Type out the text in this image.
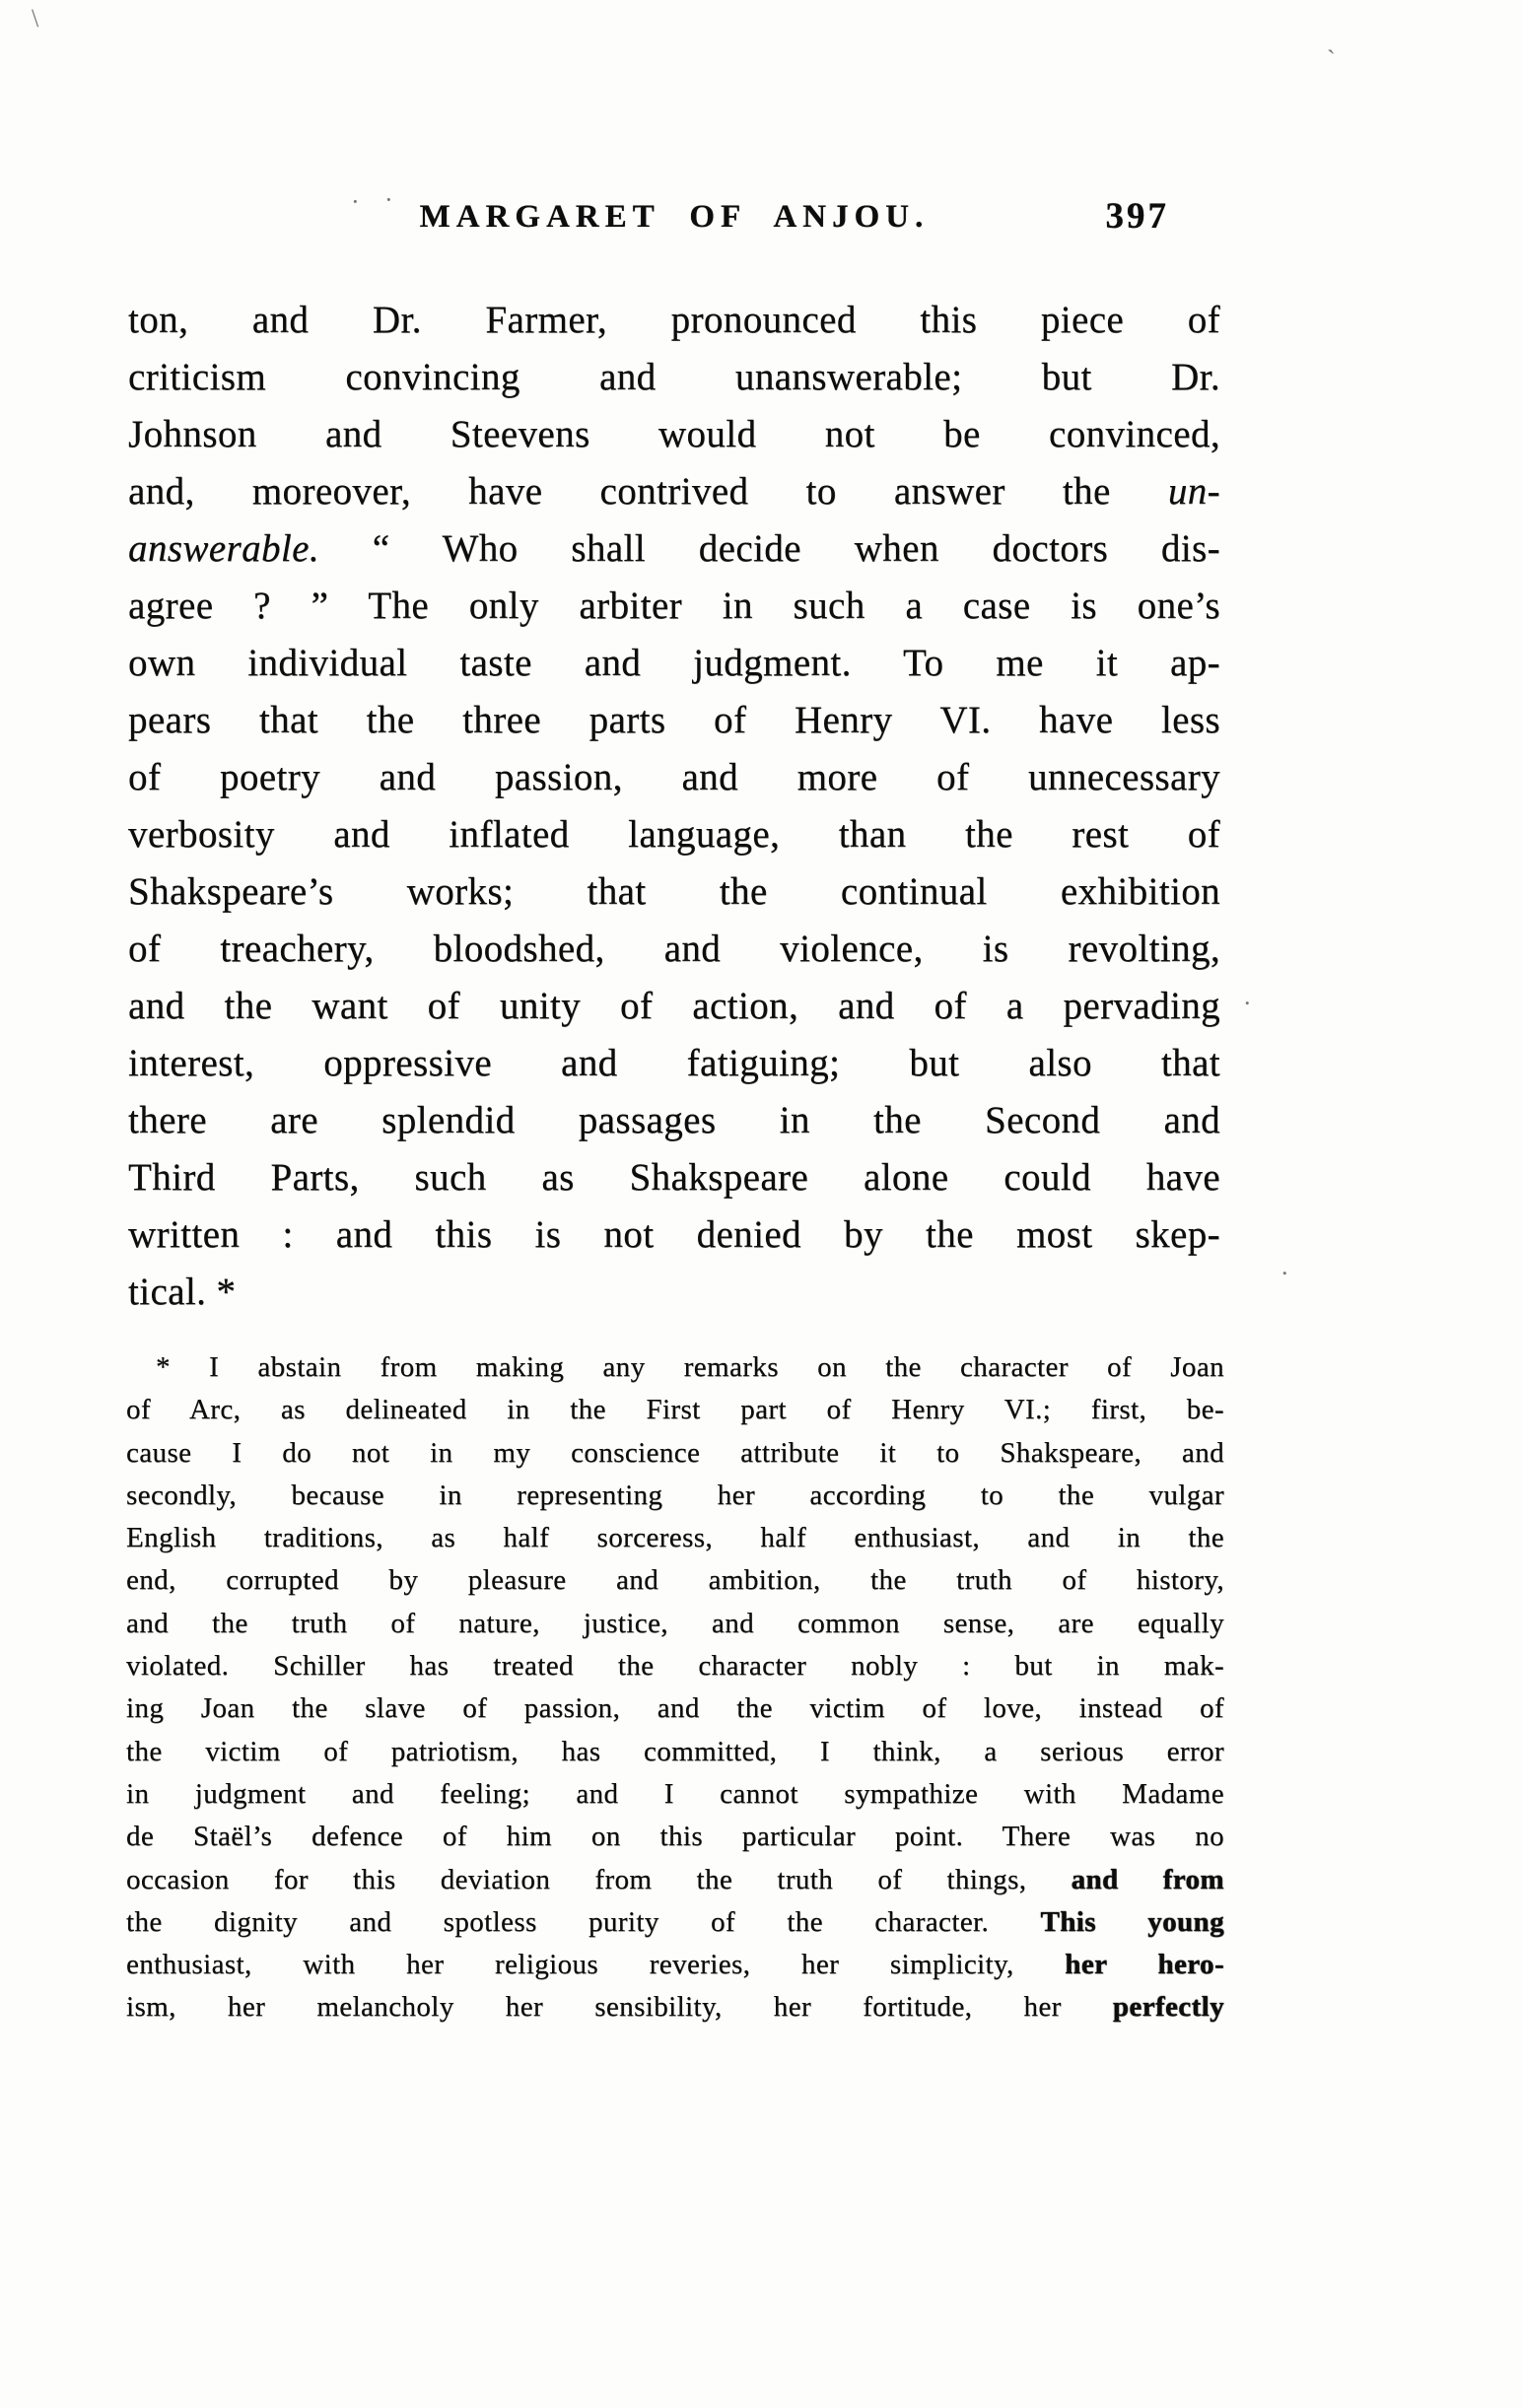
MARGARET OF ANJOU.	397
ton, and Dr. Farmer, pronounced this piece of
criticism convincing and unanswerable; but Dr.
Johnson and Steevens would not be convinced,
and, moreover, have contrived to answer the un-
answerable. “ Who shall decide when doctors dis-
agree ? ” The only arbiter in such a case is one’s
own individual taste and judgment. To me it ap-
pears that the three parts of Henry VI. have less
of poetry and passion, and more of unnecessary
verbosity and inflated language, than the rest of
Shakspeare’s works; that the continual exhibition
of treachery, bloodshed, and violence, is revolting,
and the want of unity of action, and of a pervading
interest, oppressive and fatiguing; but also that
there are splendid passages in the Second and
Third Parts, such as Shakspeare alone could have
written : and this is not denied by the most skep-
tical. *
* I abstain from making any remarks on the character of Joan
of Arc, as delineated in the First part of Henry VI.; first, be-
cause I do not in my conscience attribute it to Shakspeare, and
secondly, because in representing her according to the vulgar
English traditions, as half sorceress, half enthusiast, and in the
end, corrupted by pleasure and ambition, the truth of history,
and the truth of nature, justice, and common sense, are equally
violated. Schiller has treated the character nobly : but in mak-
ing Joan the slave of passion, and the victim of love, instead of
the victim of patriotism, has committed, I think, a serious error
in judgment and feeling; and I cannot sympathize with Madame
de Staël’s defence of him on this particular point. There was no
occasion for this deviation from the truth of things, and from
the dignity and spotless purity of the character. This young
enthusiast, with her religious reveries, her simplicity, her hero-
ism, her melancholy her sensibility, her fortitude, her perfectly
\
`
· ·
.
.
